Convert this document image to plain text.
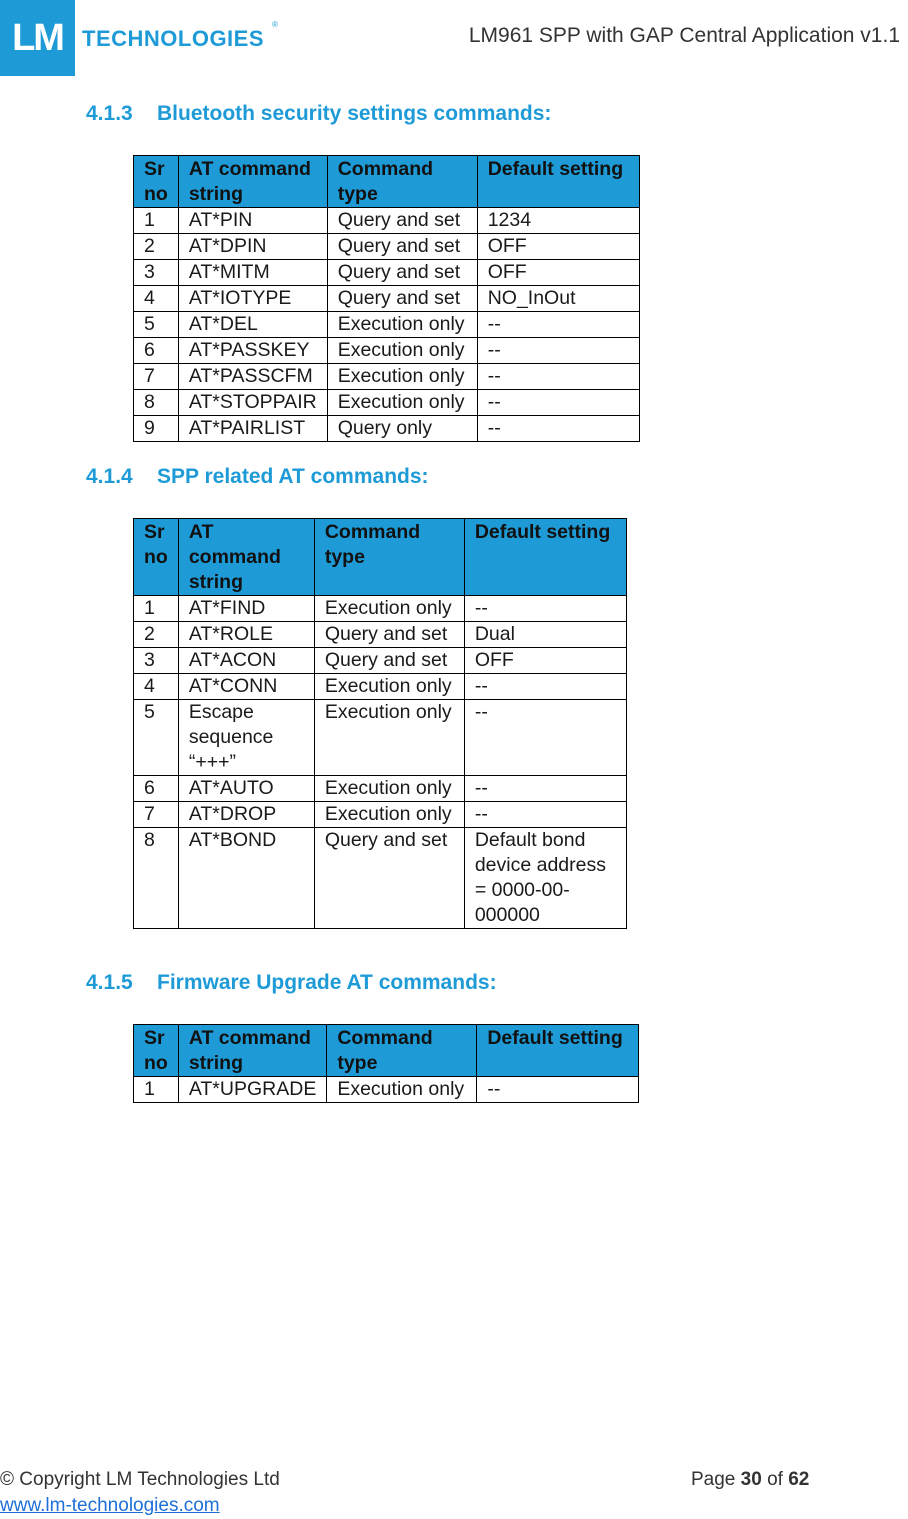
LM TECHNOLOGIES
®	LM961 SPP with GAP Central Application v1.1
4.1.3 Bluetooth security settings commands:
Sr no	AT command string	Command type	Default setting
1	AT*PIN	Query and set	1234
2	AT*DPIN	Query and set	OFF
3	AT*MITM	Query and set	OFF
4	AT*IOTYPE	Query and set	NO_InOut
5	AT*DEL	Execution only	--
6	AT*PASSKEY	Execution only	--
7	AT*PASSCFM	Execution only	--
8	AT*STOPPAIR	Execution only	--
9	AT*PAIRLIST	Query only	--
4.1.4 SPP related AT commands:
Sr no	AT command string	Command type	Default setting
1	AT*FIND	Execution only	--
2	AT*ROLE	Query and set	Dual
3	AT*ACON	Query and set	OFF
4	AT*CONN	Execution only	--
5	Escape sequence “+++”	Execution only	--
6	AT*AUTO	Execution only	--
7	AT*DROP	Execution only	--
8	AT*BOND	Query and set	Default bond device address = 0000-00-000000
4.1.5 Firmware Upgrade AT commands:
Sr no	AT command string	Command type	Default setting
1	AT*UPGRADE	Execution only	--
© Copyright LM Technologies Ltd
www.lm-technologies.com
Page 30 of 62
